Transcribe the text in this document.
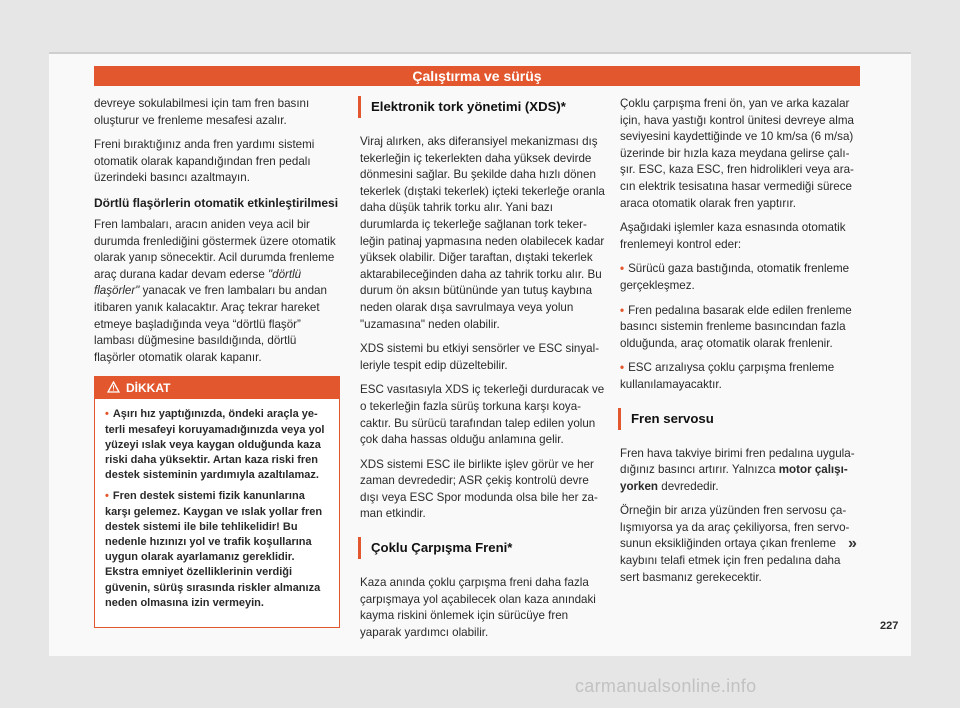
Çalıştırma ve sürüş

devreye sokulabilmesi için tam fren basını oluşturur ve frenleme mesafesi azalır.

Freni bıraktığınız anda fren yardımı sistemi otomatik olarak kapandığından fren pedalı üzerindeki basıncı azaltmayın.

Dörtlü flaşörlerin otomatik etkinleştirilmesi

Fren lambaları, aracın aniden veya acil bir durumda frenlediğini göstermek üzere otomatik olarak yanıp sönecektir. Acil durumda frenleme araç durana kadar devam ederse "dörtlü flaşörler" yanacak ve fren lambaları bu andan itibaren yanık kalacaktır. Araç tekrar hareket etmeye başladığında veya “dörtlü flaşör” lambası düğmesine basıldığında, dörtlü flaşörler otomatik olarak kapanır.

DİKKAT

• Aşırı hız yaptığınızda, öndeki araçla yeterli mesafeyi koruyamadığınızda veya yol yüzeyi ıslak veya kaygan olduğunda kaza riski daha yüksektir. Artan kaza riski fren destek sisteminin yardımıyla azaltılamaz.

• Fren destek sistemi fizik kanunlarına karşı gelemez. Kaygan ve ıslak yollar fren destek sistemi ile bile tehlikelidir! Bu nedenle hızınızı yol ve trafik koşullarına uygun olarak ayarlamanız gereklidir. Ekstra emniyet özelliklerinin verdiği güvenin, sürüş sırasında riskler almanıza neden olmasına izin vermeyin.

Elektronik tork yönetimi (XDS)*

Viraj alırken, aks diferansiyel mekanizması dış tekerleğin iç tekerlekten daha yüksek devirde dönmesini sağlar. Bu şekilde daha hızlı dönen tekerlek (dıştaki tekerlek) içteki tekerleğe oranla daha düşük tahrik torku alır. Yani bazı durumlarda iç tekerleğe sağlanan tork tekerleğin patinaj yapmasına neden olabilecek kadar yüksek olabilir. Diğer taraftan, dıştaki tekerlek aktarabileceğinden daha az tahrik torku alır. Bu durum ön aksın bütününde yan tutuş kaybına neden olarak dışa savrulmaya veya yolun "uzamasına" neden olabilir.

XDS sistemi bu etkiyi sensörler ve ESC sinyalleriyle tespit edip düzeltebilir.

ESC vasıtasıyla XDS iç tekerleği durduracak ve o tekerleğin fazla sürüş torkuna karşı koyacaktır. Bu sürücü tarafından talep edilen yolun çok daha hassas olduğu anlamına gelir.

XDS sistemi ESC ile birlikte işlev görür ve her zaman devrededir; ASR çekiş kontrolü devre dışı veya ESC Spor modunda olsa bile her zaman etkindir.

Çoklu Çarpışma Freni*

Kaza anında çoklu çarpışma freni daha fazla çarpışmaya yol açabilecek olan kaza anındaki kayma riskini önlemek için sürücüye fren yaparak yardımcı olabilir.

Çoklu çarpışma freni ön, yan ve arka kazalar için, hava yastığı kontrol ünitesi devreye alma seviyesini kaydettiğinde ve 10 km/sa (6 m/sa) üzerinde bir hızla kaza meydana gelirse çalışır. ESC, kaza ESC, fren hidrolikleri veya aracın elektrik tesisatına hasar vermediği sürece araca otomatik olarak fren yaptırır.

Aşağıdaki işlemler kaza esnasında otomatik frenlemeyi kontrol eder:

• Sürücü gaza bastığında, otomatik frenleme gerçekleşmez.

• Fren pedalına basarak elde edilen frenleme basıncı sistemin frenleme basıncından fazla olduğunda, araç otomatik olarak frenlenir.

• ESC arızalıysa çoklu çarpışma frenleme kullanılamayacaktır.

Fren servosu

Fren hava takviye birimi fren pedalına uyguladığınız basıncı artırır. Yalnızca motor çalışıyorken devrededir.

Örneğin bir arıza yüzünden fren servosu çalışmıyorsa ya da araç çekiliyorsa, fren servosunun eksikliğinden ortaya çıkan frenleme kaybını telafi etmek için fren pedalına daha sert basmanız gerekecektir.

»
227
carmanualsonline.info
